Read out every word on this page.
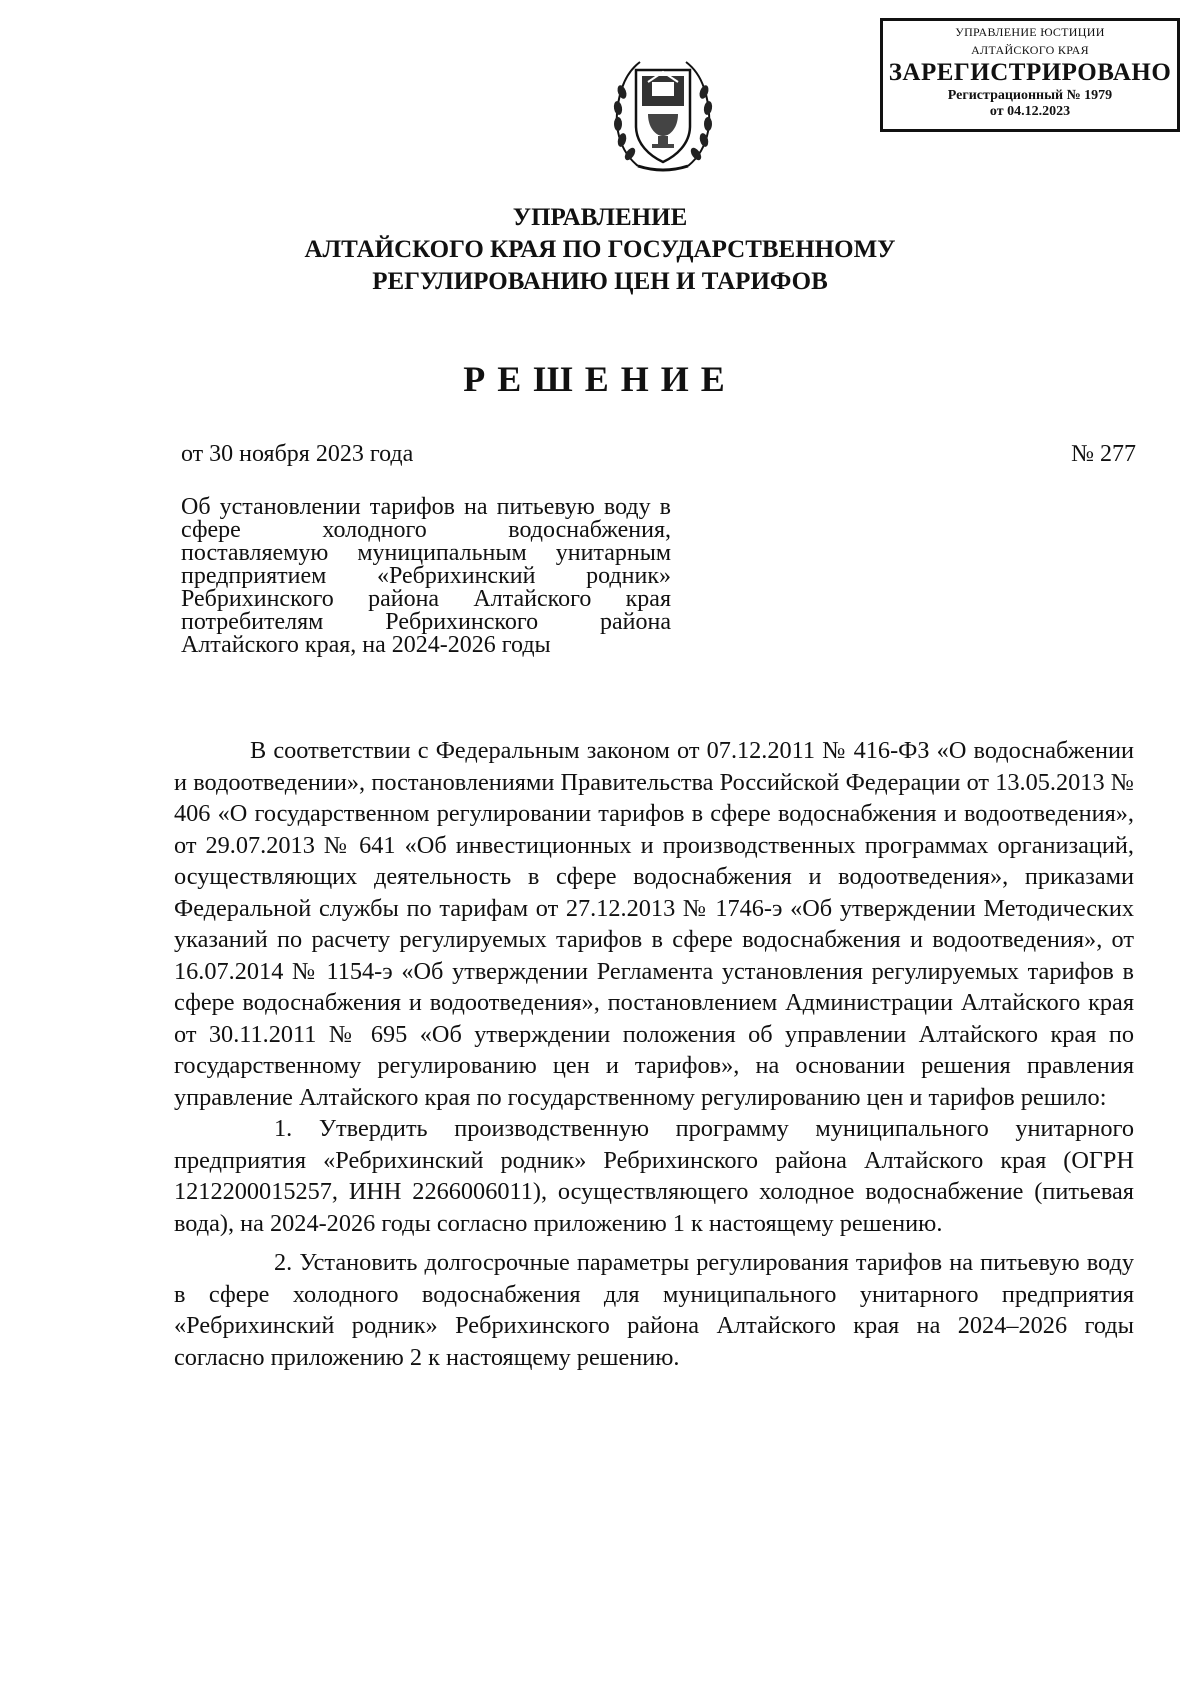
УПРАВЛЕНИЕ ЮСТИЦИИ
АЛТАЙСКОГО КРАЯ
ЗАРЕГИСТРИРОВАНО
Регистрационный № 1979
от 04.12.2023
УПРАВЛЕНИЕ
АЛТАЙСКОГО КРАЯ ПО ГОСУДАРСТВЕННОМУ
РЕГУЛИРОВАНИЮ ЦЕН И ТАРИФОВ
РЕШЕНИЕ
от 30 ноября 2023 года	№ 277

Об установлении тарифов на питьевую воду в сфере холодного водоснабжения, поставляемую муниципальным унитарным предприятием «Ребрихинский родник» Ребрихинского района Алтайского края потребителям Ребрихинского района Алтайского края, на 2024-2026 годы

В соответствии с Федеральным законом от 07.12.2011 № 416-ФЗ «О водоснабжении и водоотведении», постановлениями Правительства Российской Федерации от 13.05.2013 № 406 «О государственном регулировании тарифов в сфере водоснабжения и водоотведения», от 29.07.2013 № 641 «Об инвестиционных и производственных программах организаций, осуществляющих деятельность в сфере водоснабжения и водоотведения», приказами Федеральной службы по тарифам от 27.12.2013 № 1746-э «Об утверждении Методических указаний по расчету регулируемых тарифов в сфере водоснабжения и водоотведения», от 16.07.2014 № 1154-э «Об утверждении Регламента установления регулируемых тарифов в сфере водоснабжения и водоотведения», постановлением Администрации Алтайского края от 30.11.2011 № 695 «Об утверждении положения об управлении Алтайского края по государственному регулированию цен и тарифов», на основании решения правления управление Алтайского края по государственному регулированию цен и тарифов решило:

1. Утвердить производственную программу муниципального унитарного предприятия «Ребрихинский родник» Ребрихинского района Алтайского края (ОГРН 1212200015257, ИНН 2266006011), осуществляющего холодное водоснабжение (питьевая вода), на 2024-2026 годы согласно приложению 1 к настоящему решению.

2. Установить долгосрочные параметры регулирования тарифов на питьевую воду в сфере холодного водоснабжения для муниципального унитарного предприятия «Ребрихинский родник» Ребрихинского района Алтайского края на 2024–2026 годы согласно приложению 2 к настоящему решению.
